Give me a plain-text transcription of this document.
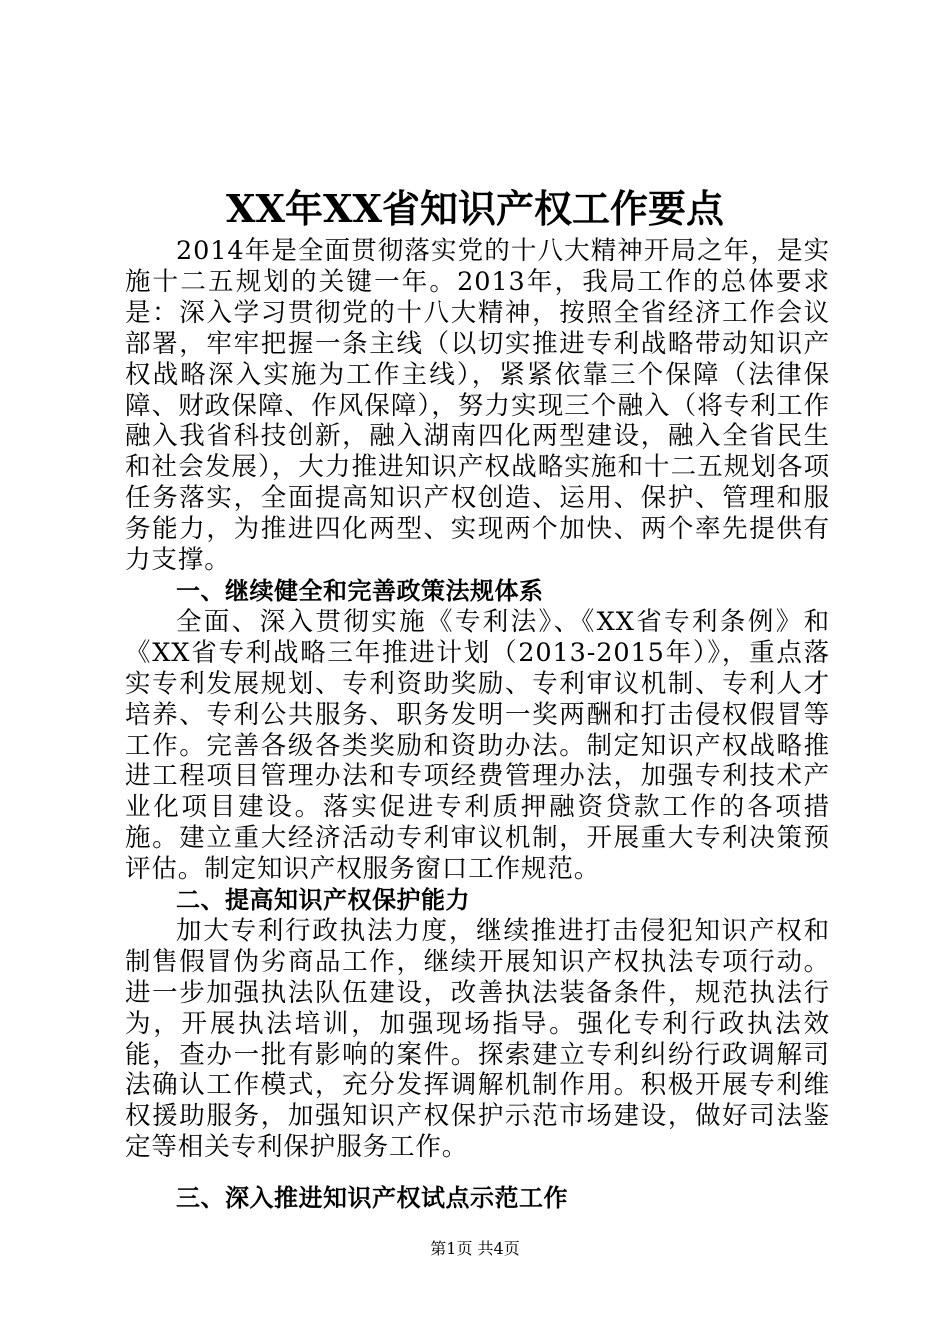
XX年XX省知识产权工作要点

2014年是全面贯彻落实党的十八大精神开局之年，是实施十二五规划的关键一年。2013年，我局工作的总体要求是：深入学习贯彻党的十八大精神，按照全省经济工作会议部署，牢牢把握一条主线（以切实推进专利战略带动知识产权战略深入实施为工作主线），紧紧依靠三个保障（法律保障、财政保障、作风保障），努力实现三个融入（将专利工作融入我省科技创新，融入湖南四化两型建设，融入全省民生和社会发展），大力推进知识产权战略实施和十二五规划各项任务落实，全面提高知识产权创造、运用、保护、管理和服务能力，为推进四化两型、实现两个加快、两个率先提供有力支撑。

一、继续健全和完善政策法规体系

全面、深入贯彻实施《专利法》、《XX省专利条例》和《XX省专利战略三年推进计划（2013-2015年）》，重点落实专利发展规划、专利资助奖励、专利审议机制、专利人才培养、专利公共服务、职务发明一奖两酬和打击侵权假冒等工作。完善各级各类奖励和资助办法。制定知识产权战略推进工程项目管理办法和专项经费管理办法，加强专利技术产业化项目建设。落实促进专利质押融资贷款工作的各项措施。建立重大经济活动专利审议机制，开展重大专利决策预评估。制定知识产权服务窗口工作规范。

二、提高知识产权保护能力

加大专利行政执法力度，继续推进打击侵犯知识产权和制售假冒伪劣商品工作，继续开展知识产权执法专项行动。进一步加强执法队伍建设，改善执法装备条件，规范执法行为，开展执法培训，加强现场指导。强化专利行政执法效能，查办一批有影响的案件。探索建立专利纠纷行政调解司法确认工作模式，充分发挥调解机制作用。积极开展专利维权援助服务，加强知识产权保护示范市场建设，做好司法鉴定等相关专利保护服务工作。

三、深入推进知识产权试点示范工作

第1页 共4页
